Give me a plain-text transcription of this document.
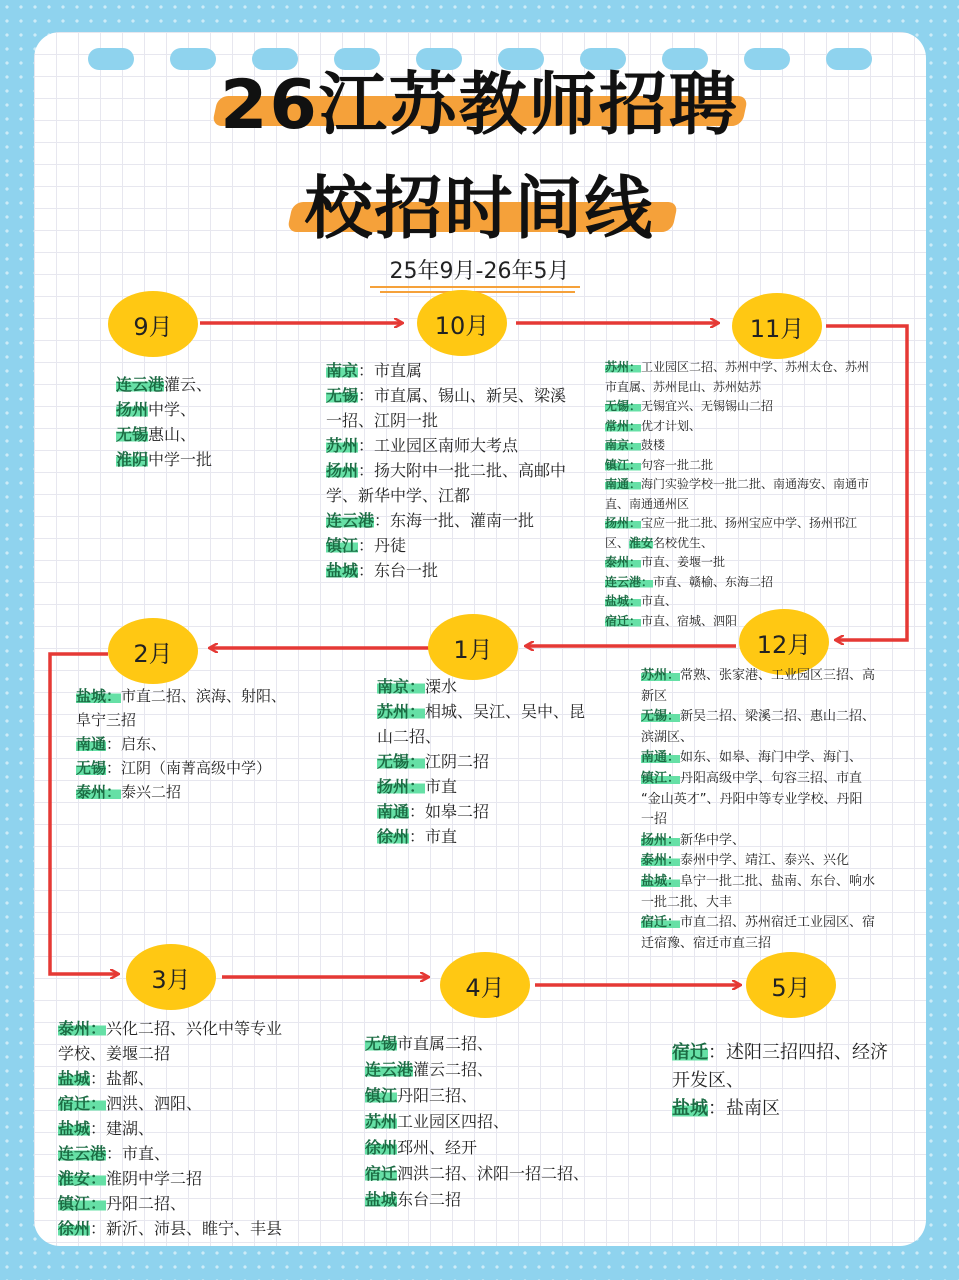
26江苏教师招聘
校招时间线
25年9月-26年5月
9月	10月	11月
12月
1月
2月
3月	4月	5月
连云港灌云、
扬州中学、
无锡惠山、
淮阴中学一批
南京：市直属
无锡：市直属、锡山、新吴、梁溪
一招、江阴一批
苏州：工业园区南师大考点
扬州：扬大附中一批二批、高邮中
学、新华中学、江都
连云港：东海一批、灌南一批
镇江：丹徒
盐城：东台一批
苏州：工业园区二招、苏州中学、苏州太仓、苏州
市直属、苏州昆山、苏州姑苏
无锡：无锡宜兴、无锡锡山二招
常州：优才计划、
南京：鼓楼
镇江：句容一批二批
南通：海门实验学校一批二批、南通海安、南通市
直、南通通州区
扬州：宝应一批二批、扬州宝应中学、扬州邗江
区、淮安名校优生、
泰州：市直、姜堰一批
连云港：市直、赣榆、东海二招
盐城：市直、
宿迁：市直、宿城、泗阳
苏州：常熟、张家港、工业园区三招、高
新区
无锡：新吴二招、梁溪二招、惠山二招、
滨湖区、
南通：如东、如皋、海门中学、海门、
镇江：丹阳高级中学、句容三招、市直
“金山英才”、丹阳中等专业学校、丹阳
一招
扬州：新华中学、
泰州：泰州中学、靖江、泰兴、兴化
盐城：阜宁一批二批、盐南、东台、响水
一批二批、大丰
宿迁：市直二招、苏州宿迁工业园区、宿
迁宿豫、宿迁市直三招
南京：溧水
苏州：相城、吴江、吴中、昆
山二招、
无锡：江阴二招
扬州：市直
南通：如皋二招
徐州：市直
盐城：市直二招、滨海、射阳、
阜宁三招
南通：启东、
无锡：江阴（南菁高级中学）
泰州：泰兴二招
泰州：兴化二招、兴化中等专业
学校、姜堰二招
盐城：盐都、
宿迁：泗洪、泗阳、
盐城：建湖、
连云港：市直、
淮安：淮阴中学二招
镇江：丹阳二招、
徐州：新沂、沛县、睢宁、丰县
无锡市直属二招、
连云港灌云二招、
镇江丹阳三招、
苏州工业园区四招、
徐州邳州、经开
宿迁泗洪二招、沭阳一招二招、
盐城东台二招
宿迁：述阳三招四招、经济
开发区、
盐城：盐南区
